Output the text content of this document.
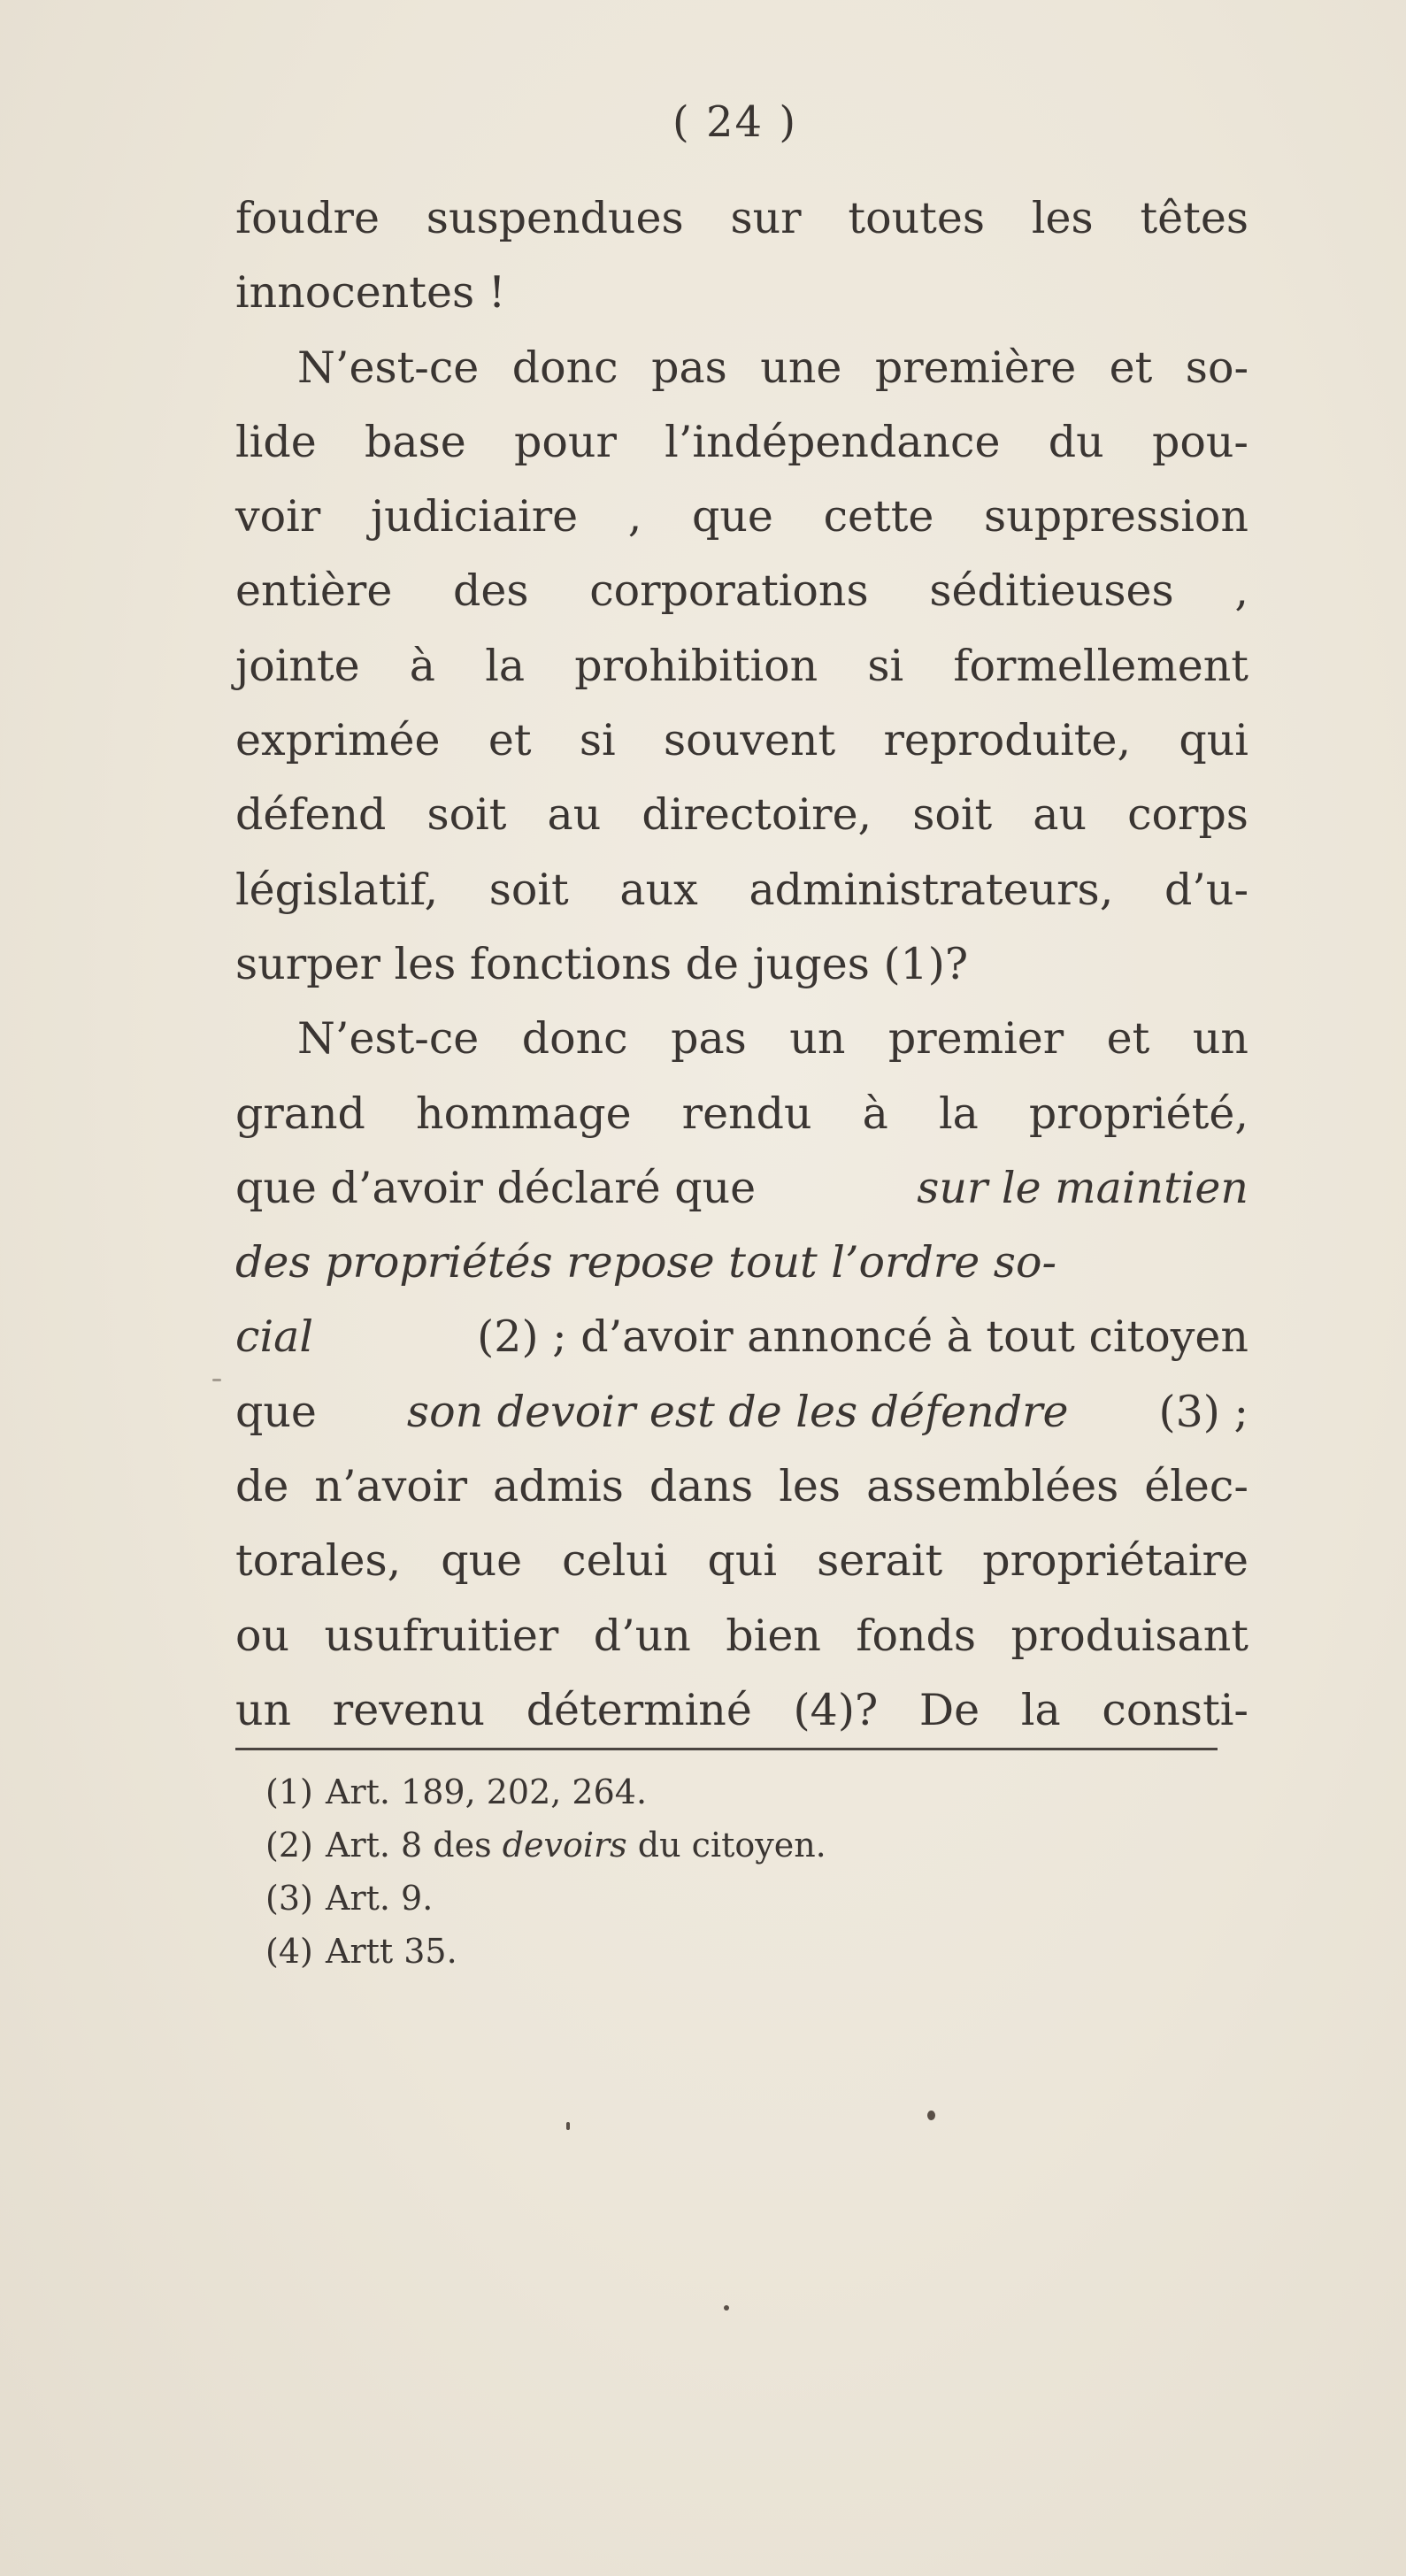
( 24 )
foudre suspendues sur toutes les têtes
innocentes !
N’est-ce donc pas une première et so-
lide base pour l’indépendance du pou-
voir judiciaire , que cette suppression
entière des corporations séditieuses ,
jointe à la prohibition si formellement
exprimée et si souvent reproduite, qui
défend soit au directoire, soit au corps
législatif, soit aux administrateurs, d’u-
surper les fonctions de juges (1)?
N’est-ce donc pas un premier et un
grand hommage rendu à la propriété,
que d’avoir déclaré que	sur le maintien
des propriétés repose tout l’ordre so-
cial	(2) ; d’avoir annoncé à tout citoyen
que son devoir est de les défendre (3) ;
de n’avoir admis dans les assemblées élec-
torales, que celui qui serait propriétaire
ou usufruitier d’un bien fonds produisant
un revenu déterminé (4)? De la consti-
(1) Art. 189, 202, 264.
(2) Art. 8 des devoirs du citoyen.
(3) Art. 9.
(4) Artt 35.
